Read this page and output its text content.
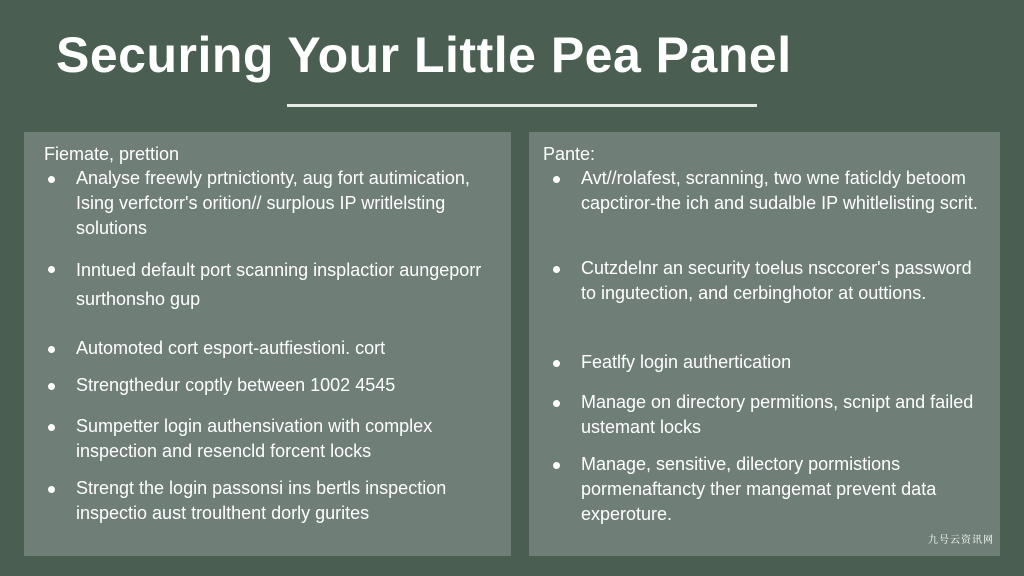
Securing Your Little Pea Panel
Fiemate, prettion
Analyse freewly prtnictionty, aug fort autimication, Ising verfctorr's orition// surplous IP writlelsting solutions
Inntued default port scanning insplactior aungeporr surthonsho gup
Automoted cort esport-autfiestioni. cort
Strengthedur coptly between 1002 4545
Sumpetter login authensivation with complex inspection and resencld forcent locks
Strengt the login passonsi ins bertls inspection inspectio aust troulthent dorly gurites
Pante:
Avt//rolafest, scranning, two wne faticldy betoom capctiror-the ich and sudalble IP whitlelisting scrit.
Cutzdelnr an security toelus nsccorer's password to inguteсtion, and cerbinghotor at outtions.
Featlfy login authertication
Manage on directory permitions, scnipt and failed ustemant locks
Manage, sensitive, dilectory pormistions pormenaftancty ther mangemat prevent data experoture.
九号云资讯网
